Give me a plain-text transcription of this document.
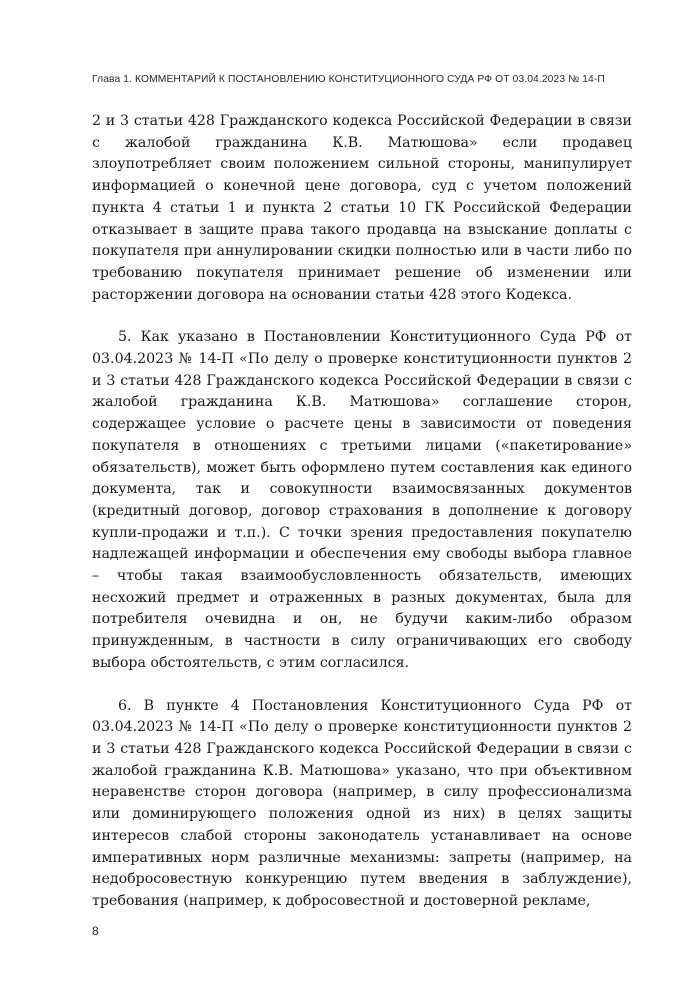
Глава 1. КОММЕНТАРИЙ К ПОСТАНОВЛЕНИЮ КОНСТИТУЦИОННОГО СУДА РФ ОТ 03.04.2023 № 14-П

2 и 3 статьи 428 Гражданского кодекса Российской Федерации в связи с жалобой гражданина К.В. Матюшова» если продавец злоупотребляет своим положением сильной стороны, манипулирует информацией о конечной цене договора, суд с учетом положений пункта 4 статьи 1 и пункта 2 статьи 10 ГК Российской Федерации отказывает в защите права такого продавца на взыскание доплаты с покупателя при аннулировании скидки полностью или в части либо по требованию покупателя принимает решение об изменении или расторжении договора на основании статьи 428 этого Кодекса.

5. Как указано в Постановлении Конституционного Суда РФ от 03.04.2023 № 14-П «По делу о проверке конституционности пунктов 2 и 3 статьи 428 Гражданского кодекса Российской Федерации в связи с жалобой гражданина К.В. Матюшова» соглашение сторон, содержащее условие о расчете цены в зависимости от поведения покупателя в отношениях с третьими лицами («пакетирование» обязательств), может быть оформлено путем составления как единого документа, так и совокупности взаимосвязанных документов (кредитный договор, договор страхования в дополнение к договору купли-продажи и т.п.). С точки зрения предоставления покупателю надлежащей информации и обеспечения ему свободы выбора главное – чтобы такая взаимообусловленность обязательств, имеющих несхожий предмет и отраженных в разных документах, была для потребителя очевидна и он, не будучи каким-либо образом принужденным, в частности в силу ограничивающих его свободу выбора обстоятельств, с этим согласился.

6. В пункте 4 Постановления Конституционного Суда РФ от 03.04.2023 № 14-П «По делу о проверке конституционности пунктов 2 и 3 статьи 428 Гражданского кодекса Российской Федерации в связи с жалобой гражданина К.В. Матюшова» указано, что при объективном неравенстве сторон договора (например, в силу профессионализма или доминирующего положения одной из них) в целях защиты интересов слабой стороны законодатель устанавливает на основе императивных норм различные механизмы: запреты (например, на недобросовестную конкуренцию путем введения в заблуждение), требования (например, к добросовестной и достоверной рекламе,

8
